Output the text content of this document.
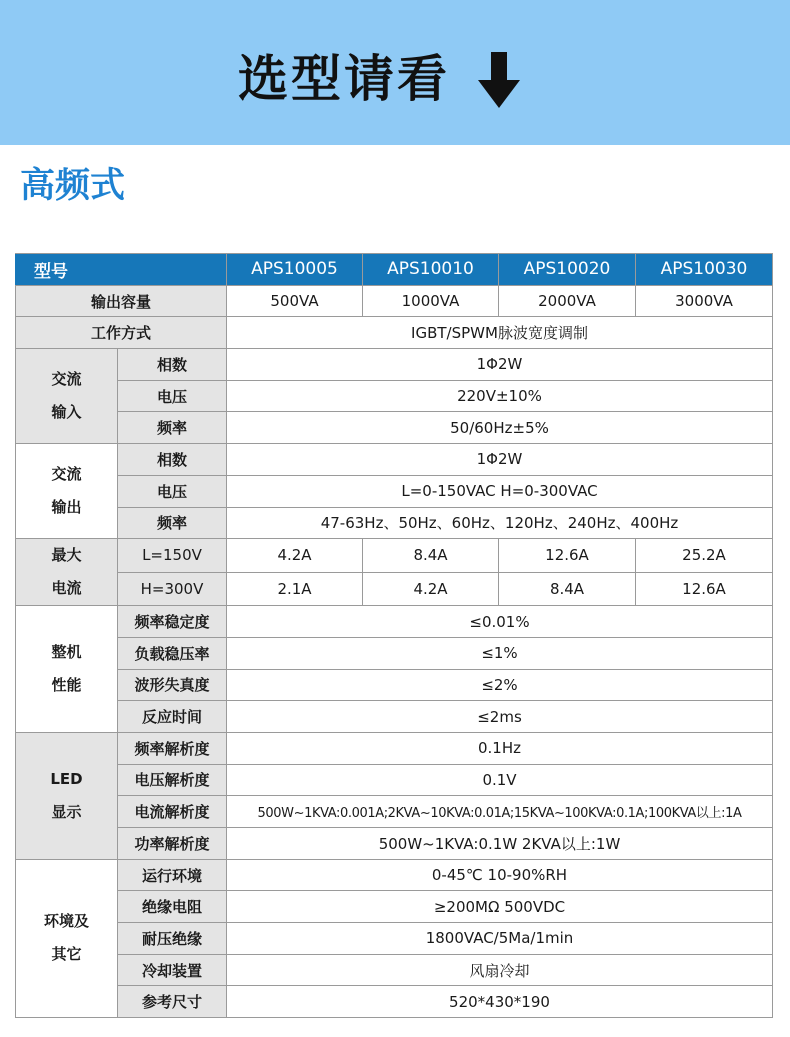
选型请看
高频式
型号		APS10005	APS10010	APS10020	APS10030
输出容量		500VA	1000VA	2000VA	3000VA
工作方式		IGBT/SPWM脉波宽度调制			
交流
输入	相数	1Φ2W			
	电压	220V±10%			
	频率	50/60Hz±5%			
交流
输出	相数	1Φ2W			
	电压	L=0-150VAC H=0-300VAC			
	频率	47-63Hz、50Hz、60Hz、120Hz、240Hz、400Hz			
最大
电流	L=150V	4.2A	8.4A	12.6A	25.2A
	H=300V	2.1A	4.2A	8.4A	12.6A
整机
性能	频率稳定度	≤0.01%			
	负载稳压率	≤1%			
	波形失真度	≤2%			
	反应时间	≤2ms			
LED
显示	频率解析度	0.1Hz			
	电压解析度	0.1V			
	电流解析度	500W~1KVA:0.001A;2KVA~10KVA:0.01A;15KVA~100KVA:0.1A;100KVA以上:1A			
	功率解析度	500W~1KVA:0.1W 2KVA以上:1W			
环境及
其它	运行环境	0-45℃ 10-90%RH			
	绝缘电阻	≥200MΩ 500VDC			
	耐压绝缘	1800VAC/5Ma/1min			
	冷却装置	风扇冷却			
	参考尺寸	520*430*190			
